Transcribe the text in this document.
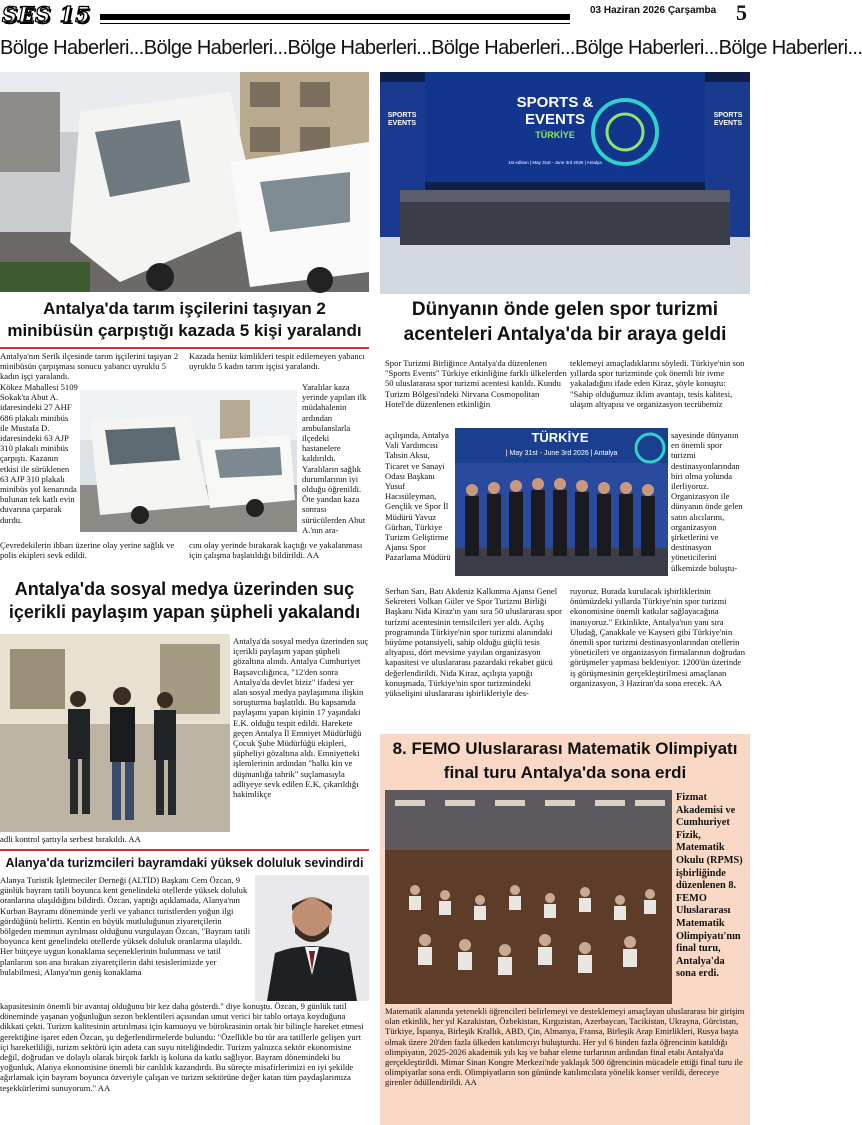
SES 15	03 Haziran 2026 Çarşamba 5
Bölge Haberleri...Bölge Haberleri...Bölge Haberleri...Bölge Haberleri...Bölge Haberleri...Bölge Haberleri...
Antalya'da tarım işçilerini taşıyan 2 minibüsün çarpıştığı kazada 5 kişi yaralandı
Antalya'nın Serik ilçesinde tarım işçilerini taşıyan 2 minibüsün çarpışması sonucu yabancı uyruklu 5 kadın işçi yaralandı.
Kökez Mahallesi 5109 Sokak'ta Abut A. idaresindeki 27 AHF 686 plakalı minibüs ile Mustafa D. idaresindeki 63 AJP 310 plakalı minibüs çarpıştı. Kazanın etkisi ile sürüklenen 63 AJP 310 plakalı minibüs yol kenarında bulunan tek katlı evin duvarına çarparak durdu.
Çevredekilerin ihbarı üzerine olay yerine sağlık ve polis ekipleri sevk edildi.
Kazada henüz kimlikleri tespit edilemeyen yabancı uyruklu 5 kadın tarım işçisi yaralandı.
Yaralılar kaza yerinde yapılan ilk müdahalenin ardından ambulanslarla ilçedeki hastanelere kaldırıldı. Yaralıların sağlık durumlarının iyi olduğu öğrenildi. Öte yandan kaza sonrası sürücülerden Abut A.'nın ara-
cını olay yerinde bırakarak kaçtığı ve yakalanması için çalışma başlatıldığı bildirildi. AA
Antalya'da sosyal medya üzerinden suç içerikli paylaşım yapan şüpheli yakalandı
Antalya'da sosyal medya üzerinden suç içerikli paylaşım yapan şüpheli gözaltına alındı. Antalya Cumhuriyet Başsavcılığınca, "12'den sonra Antalya'da devlet biziz" ifadesi yer alan sosyal medya paylaşımına ilişkin soruşturma başlatıldı. Bu kapsamda paylaşımı yapan kişinin 17 yaşındaki E.K. olduğu tespit edildi. Harekete geçen Antalya İl Emniyet Müdürlüğü Çocuk Şube Müdürlüğü ekipleri, şüpheliyi gözaltına aldı. Emniyetteki işlemlerinin ardından "halkı kin ve düşmanlığa tahrik" suçlamasıyla adliyeye sevk edilen E.K, çıkarıldığı hakimlikçe
adli kontrol şartıyla serbest bırakıldı. AA
Alanya'da turizmcileri bayramdaki yüksek doluluk sevindirdi
Alanya Turistik İşletmeciler Derneği (ALTİD) Başkanı Cem Özcan, 9 günlük bayram tatili boyunca kent genelindeki otellerde yüksek doluluk oranlarına ulaşıldığını bildirdi. Özcan, yaptığı açıklamada, Alanya'nın Kurban Bayramı döneminde yerli ve yabancı turistlerden yoğun ilgi gördüğünü belirtti. Kentin en büyük mutluluğunun ziyaretçilerin bölgeden memnun ayrılması olduğunu vurgulayan Özcan, "Bayram tatili boyunca kent genelindeki otellerde yüksek doluluk oranlarına ulaşıldı. Her bütçeye uygun konaklama seçeneklerinin bulunması ve tatil planlarını son ana bırakan ziyaretçilerin dahi tesislerimizde yer bulabilmesi, Alanya'nın geniş konaklama
kapasitesinin önemli bir avantaj olduğunu bir kez daha gösterdi." diye konuştu. Özcan, 9 günlük tatil döneminde yaşanan yoğunluğun sezon beklentileri açısından umut verici bir tablo ortaya koyduğuna dikkati çekti. Turizm kalitesinin artırılması için kamuoyu ve bürokrasinin ortak bir bilinçle hareket etmesi gerektiğine işaret eden Özcan, şu değerlendirmelerde bulundu: "Özellikle bu tür ara tatillerle gelişen yurt içi hareketliliği, turizm sektörü için adeta can suyu niteliğindedir. Turizm yalnızca sektör ekonomisine değil, doğrudan ve dolaylı olarak birçok farklı iş koluna da katkı sağlıyor. Bayram dönemindeki bu yoğunluk, Alanya ekonomisine önemli bir canlılık kazandırdı. Bu süreçte misafirlerimizi en iyi şekilde ağırlamak için bayram boyunca özveriyle çalışan ve turizm sektörüne değer katan tüm paydaşlarımıza teşekkürlerimi sunuyorum." AA
SPORTS & EVENTS
TÜRKİYE
1st edition | May 31st - June 3rd 2026 | Antalya
SPORTS EVENTS
SPORTS EVENTS
Dünyanın önde gelen spor turizmi acenteleri Antalya'da bir araya geldi
Spor Turizmi Birliğince Antalya'da düzenlenen "Sports Events" Türkiye etkinliğine farklı ülkelerden 50 uluslararası spor turizmi acentesi katıldı. Kundu Turizm Bölgesi'ndeki Nirvana Cosmopolitan Hotel'de düzenlenen etkinliğin
açılışında, Antalya Vali Yardımcısı Tahsin Aksu, Ticaret ve Sanayi Odası Başkanı Yusuf Hacısüleyman, Gençlik ve Spor İl Müdürü Yavuz Gürhan, Türkiye Turizm Geliştirme Ajansı Spor Pazarlama Müdürü
TÜRKİYE
| May 31st - June 3rd 2026 | Antalya
Serhan Sarı, Batı Akdeniz Kalkınma Ajansı Genel Sekreteri Volkan Güler ve Spor Turizmi Birliği Başkanı Nida Kiraz'ın yanı sıra 50 uluslararası spor turizmi acentesinin temsilcileri yer aldı. Açılış programında Türkiye'nin spor turizmi alanındaki büyüme potansiyeli, sahip olduğu güçlü tesis altyapısı, dört mevsime yayılan organizasyon kapasitesi ve uluslararası pazardaki rekabet gücü değerlendirildi. Nida Kiraz, açılışta yaptığı konuşmada, Türkiye'nin spor turizmindeki yükselişini uluslararası işbirlikleriyle des-
teklemeyi amaçladıklarını söyledi. Türkiye'nin son yıllarda spor turizminde çok önemli bir ivme yakaladığını ifade eden Kiraz, şöyle konuştu: "Sahip olduğumuz iklim avantajı, tesis kalitesi, ulaşım altyapısı ve organizasyon tecrübemiz
sayesinde dünyanın en önemli spor turizmi destinasyonlarından biri olma yolunda ilerliyoruz. Organizasyon ile dünyanın önde gelen satın alıcılarını, organizasyon şirketlerini ve destinasyon yöneticilerini ülkemizde buluştu-
ruyoruz. Burada kurulacak işbirliklerinin önümüzdeki yıllarda Türkiye'nin spor turizmi ekonomisine önemli katkılar sağlayacağına inanıyoruz." Etkinlikte, Antalya'nın yanı sıra Uludağ, Çanakkale ve Kayseri gibi Türkiye'nin önemli spor turizmi destinasyonlarından otellerin yöneticileri ve organizasyon firmalarının doğrudan görüşmeler yapması bekleniyor. 1200'ün üzerinde iş görüşmesinin gerçekleştirilmesi amaçlanan organizasyon, 3 Haziran'da sona erecek. AA
8. FEMO Uluslararası Matematik Olimpiyatı final turu Antalya'da sona erdi
Fizmat Akademisi ve Cumhuriyet Fizik, Matematik Okulu (RPMS) işbirliğinde düzenlenen 8. FEMO Uluslararası Matematik Olimpiyatı'nın final turu, Antalya'da sona erdi.
Matematik alanında yetenekli öğrencileri belirlemeyi ve desteklemeyi amaçlayan uluslararası bir girişim olan etkinlik, her yıl Kazakistan, Özbekistan, Kırgızistan, Azerbaycan, Tacikistan, Ukrayna, Gürcistan, Türkiye, İspanya, Birleşik Krallık, ABD, Çin, Almanya, Fransa, Birleşik Arap Emirlikleri, Rusya başta olmak üzere 20'den fazla ülkeden katılımcıyı buluşturdu. Her yıl 6 binden fazla öğrencinin katıldığı olimpiyatın, 2025-2026 akademik yılı kış ve bahar eleme turlarının ardından final etabı Antalya'da gerçekleştirildi. Mimar Sinan Kongre Merkezi'nde yaklaşık 500 öğrencinin mücadele ettiği final turu ile olimpiyatlar sona erdi. Olimpiyatların son gününde katılımcılara yönelik konser verildi, dereceye girenler ödüllendirildi. AA
